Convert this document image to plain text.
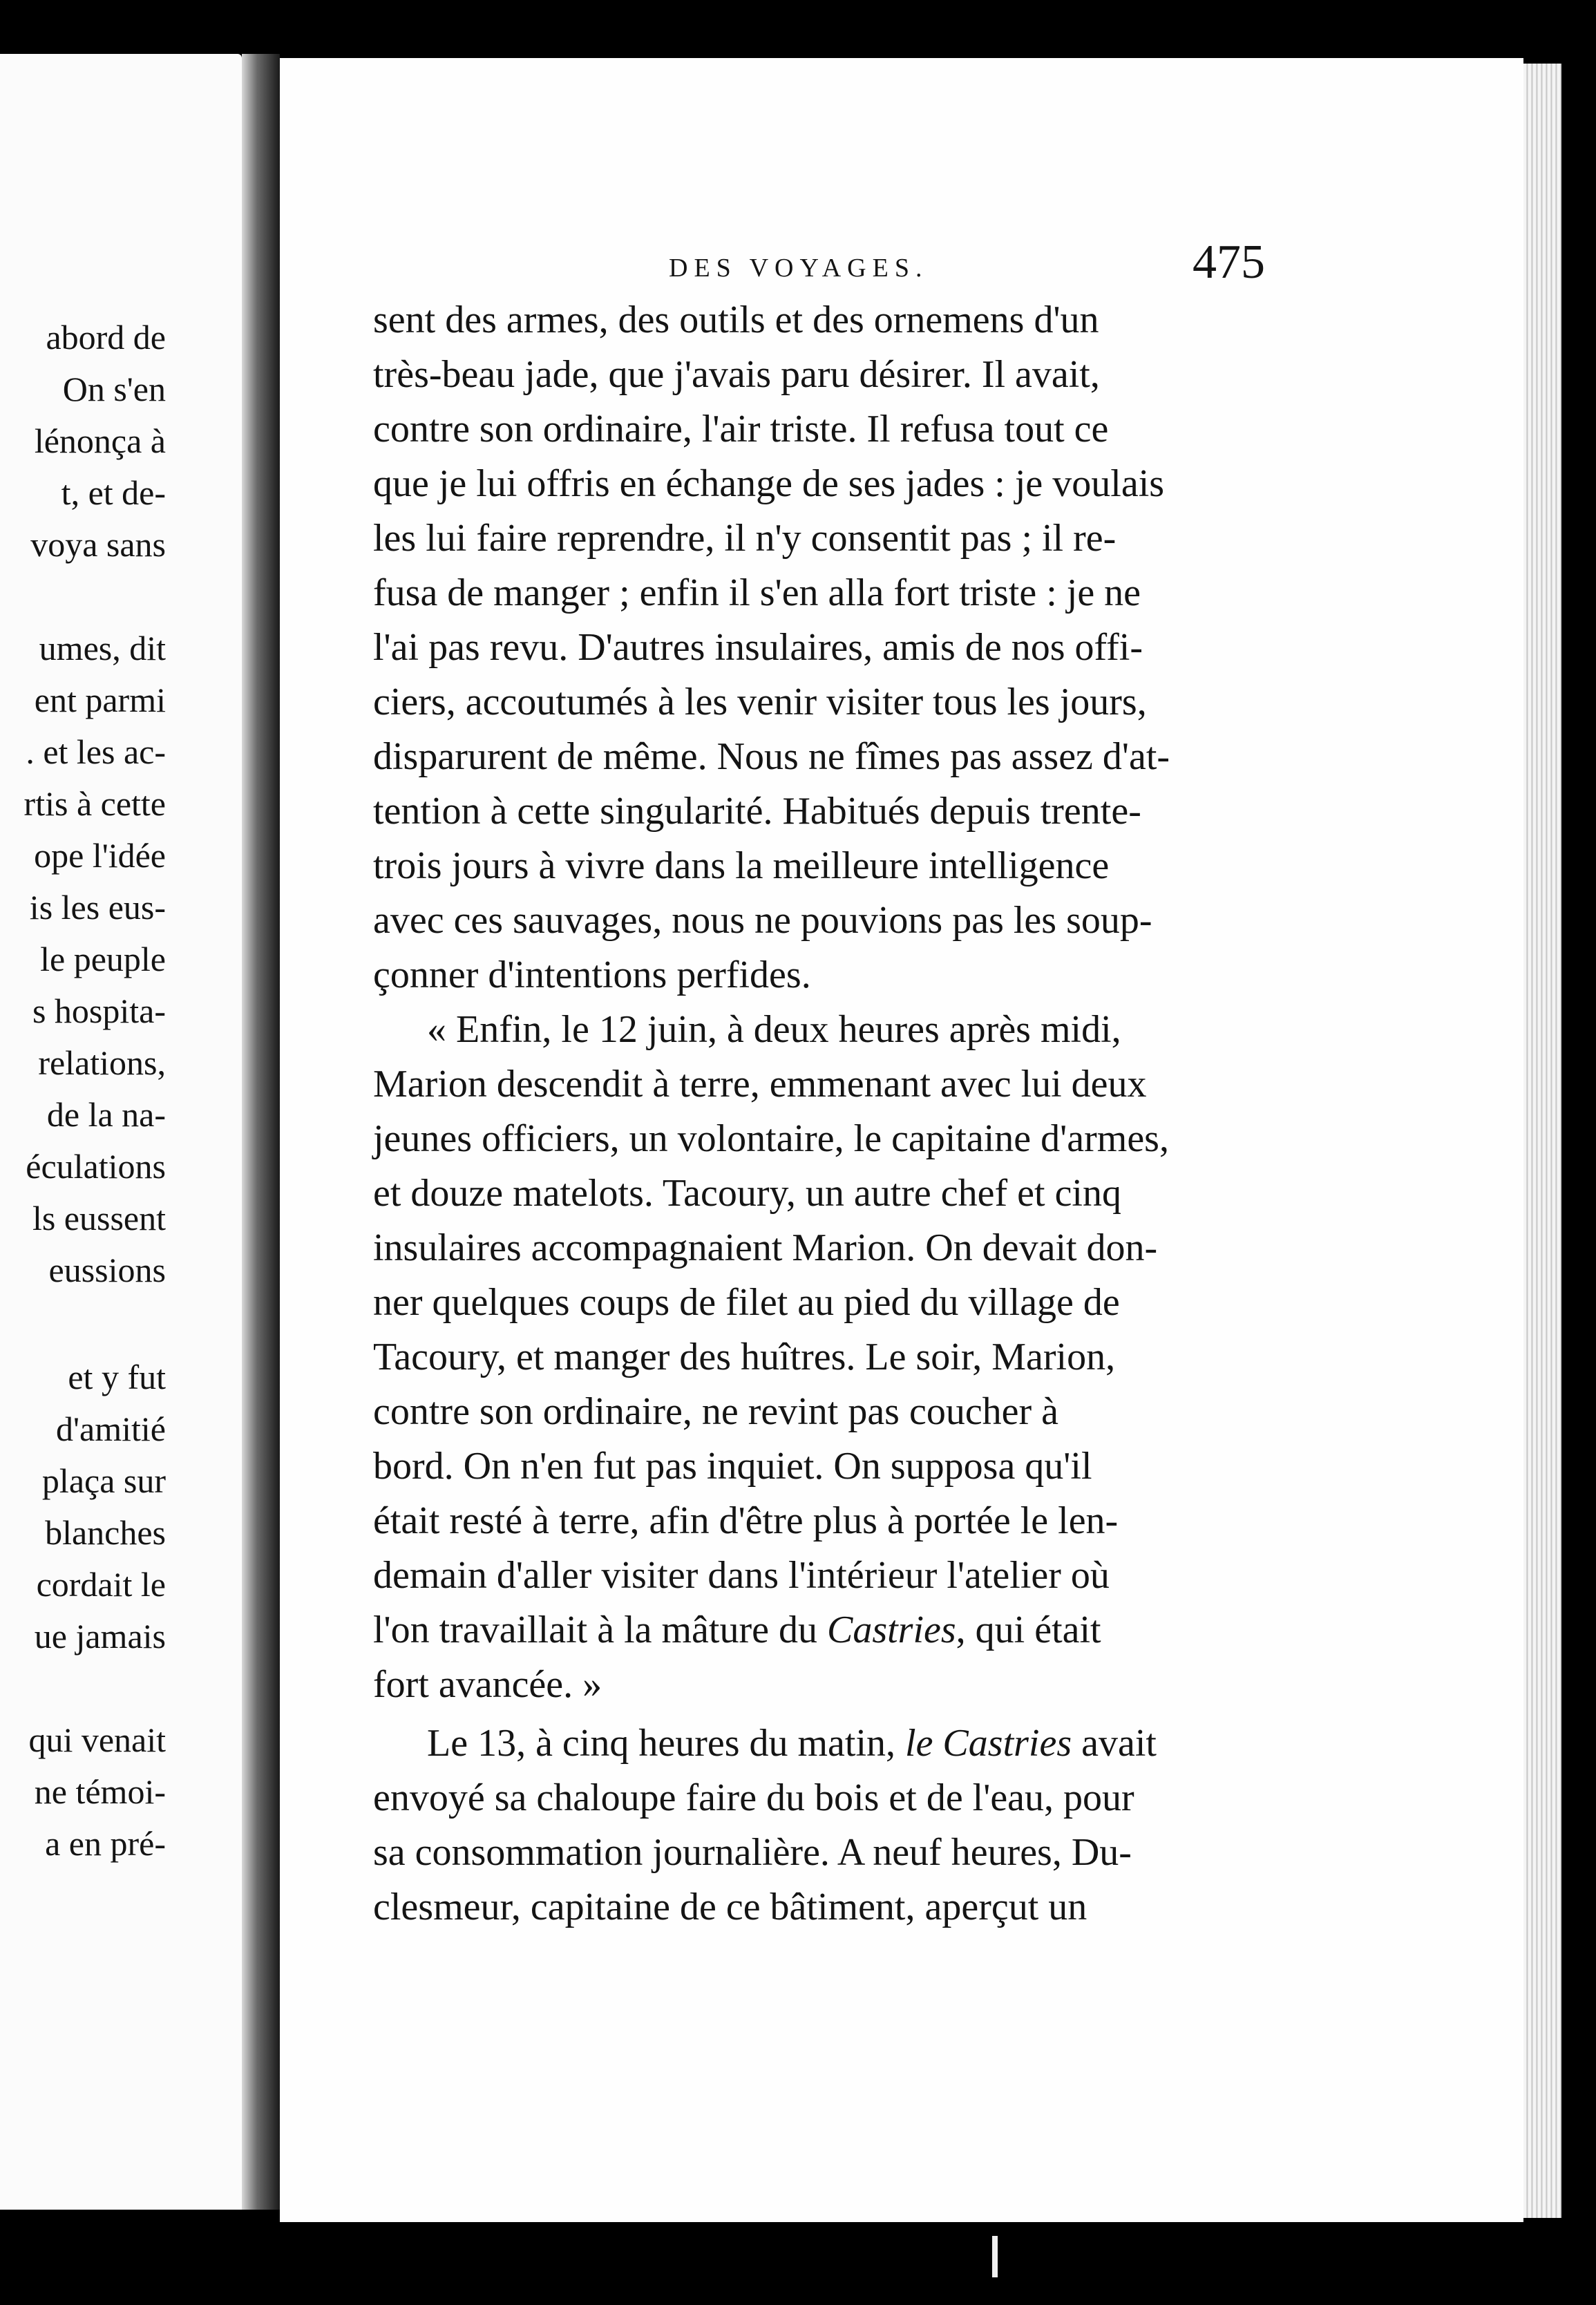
abord de
On s'en
lénonça à
t, et de-
voya sans
umes, dit
ent parmi
. et les ac-
rtis à cette
ope l'idée
is les eus-
le peuple
s hospita-
relations,
de la na-
éculations
ls eussent
eussions
et y fut
d'amitié
plaça sur
blanches
cordait le
ue jamais
qui venait
ne témoi-
a en pré-
DES VOYAGES.	475
sent des armes, des outils et des ornemens d'un
très-beau jade, que j'avais paru désirer. Il avait,
contre son ordinaire, l'air triste. Il refusa tout ce
que je lui offris en échange de ses jades : je voulais
les lui faire reprendre, il n'y consentit pas ; il re-
fusa de manger ; enfin il s'en alla fort triste : je ne
l'ai pas revu. D'autres insulaires, amis de nos offi-
ciers, accoutumés à les venir visiter tous les jours,
disparurent de même. Nous ne fîmes pas assez d'at-
tention à cette singularité. Habitués depuis trente-
trois jours à vivre dans la meilleure intelligence
avec ces sauvages, nous ne pouvions pas les soup-
çonner d'intentions perfides.
« Enfin, le 12 juin, à deux heures après midi,
Marion descendit à terre, emmenant avec lui deux
jeunes officiers, un volontaire, le capitaine d'armes,
et douze matelots. Tacoury, un autre chef et cinq
insulaires accompagnaient Marion. On devait don-
ner quelques coups de filet au pied du village de
Tacoury, et manger des huîtres. Le soir, Marion,
contre son ordinaire, ne revint pas coucher à
bord. On n'en fut pas inquiet. On supposa qu'il
était resté à terre, afin d'être plus à portée le len-
demain d'aller visiter dans l'intérieur l'atelier où
l'on travaillait à la mâture du Castries, qui était
fort avancée. »
Le 13, à cinq heures du matin, le Castries avait
envoyé sa chaloupe faire du bois et de l'eau, pour
sa consommation journalière. A neuf heures, Du-
clesmeur, capitaine de ce bâtiment, aperçut un
